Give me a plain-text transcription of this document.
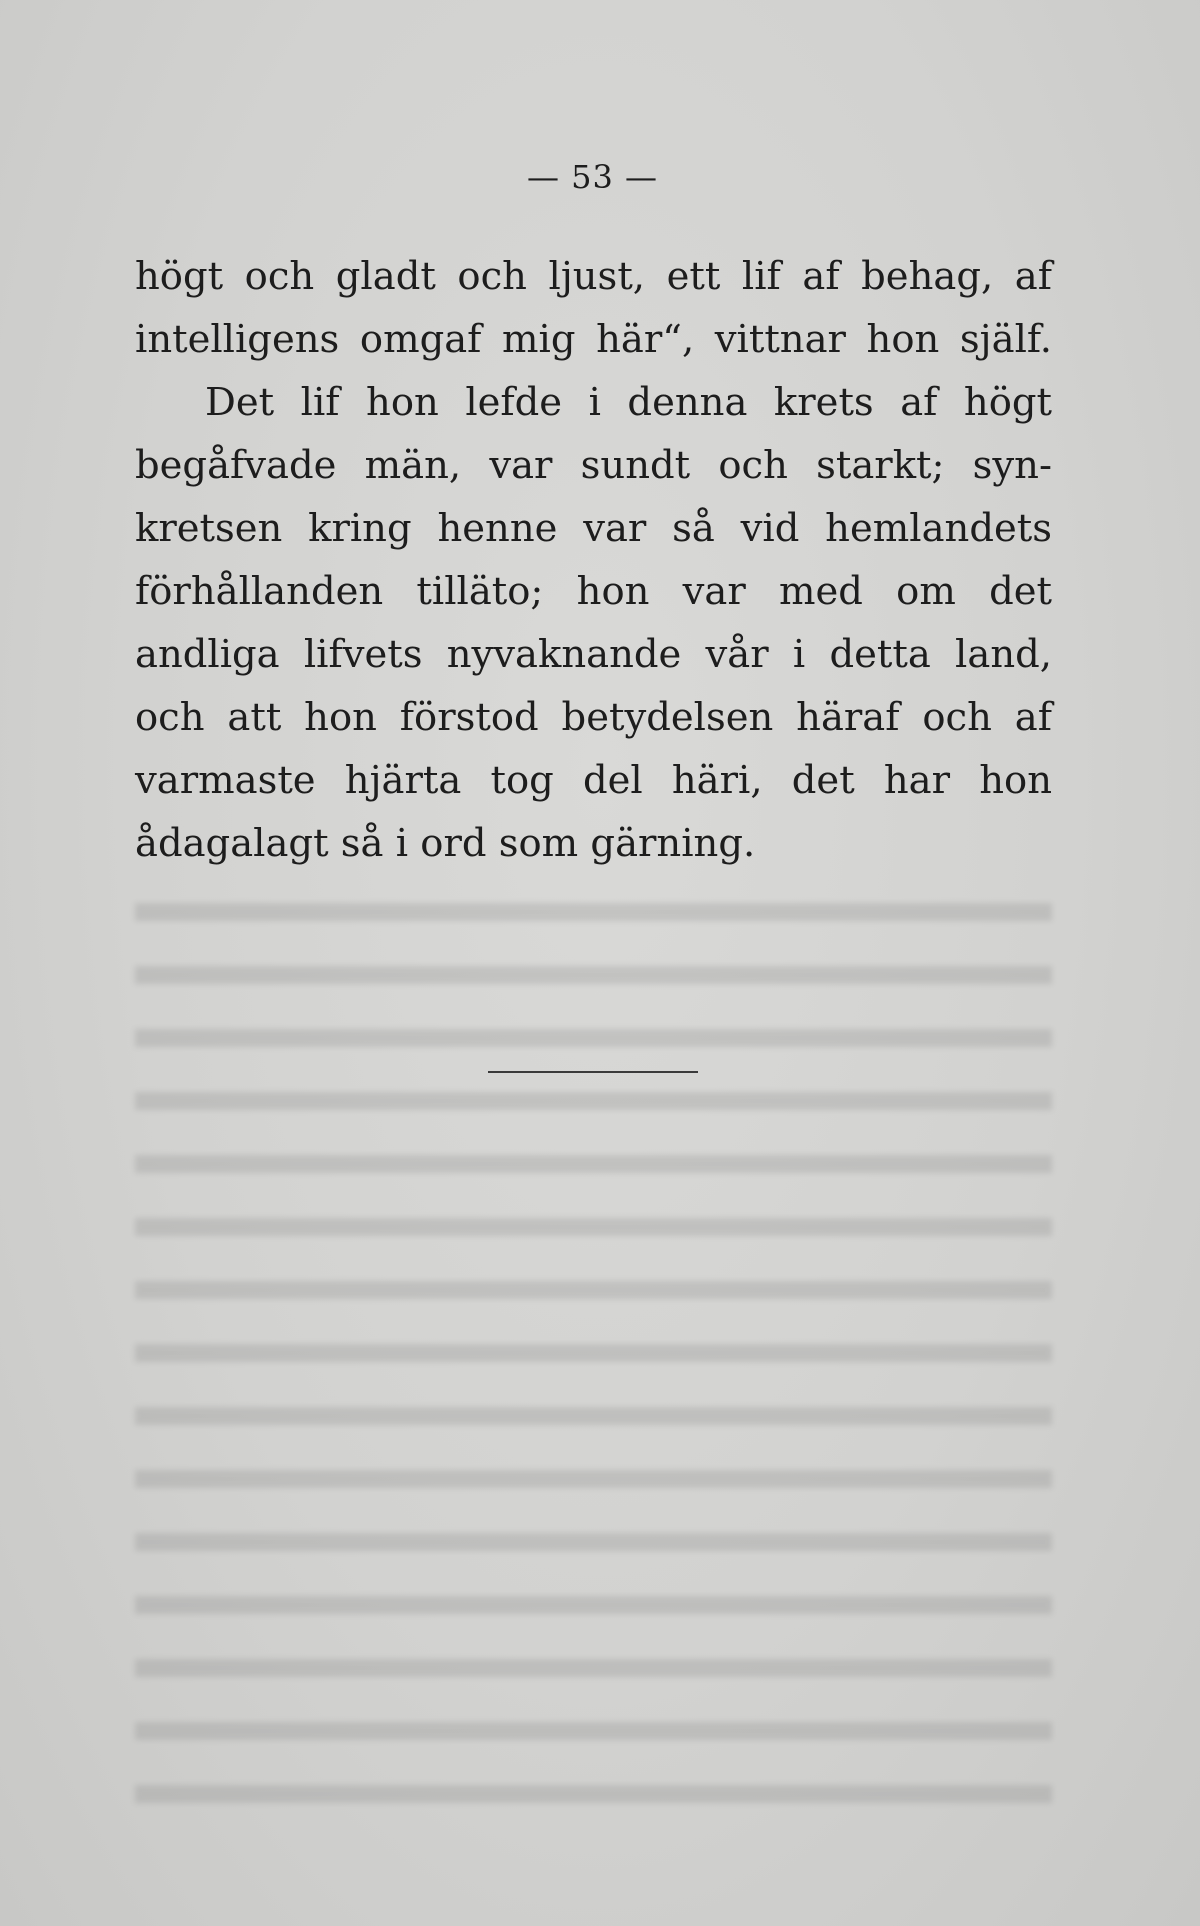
— 53 —
högt och gladt och ljust, ett lif af behag, af
intelligens omgaf mig här“, vittnar hon själf.
Det lif hon lefde i denna krets af högt
begåfvade män, var sundt och starkt; syn-
kretsen kring henne var så vid hemlandets
förhållanden tilläto; hon var med om det
andliga lifvets nyvaknande vår i detta land,
och att hon förstod betydelsen häraf och af
varmaste hjärta tog del häri, det har hon
ådagalagt så i ord som gärning.
